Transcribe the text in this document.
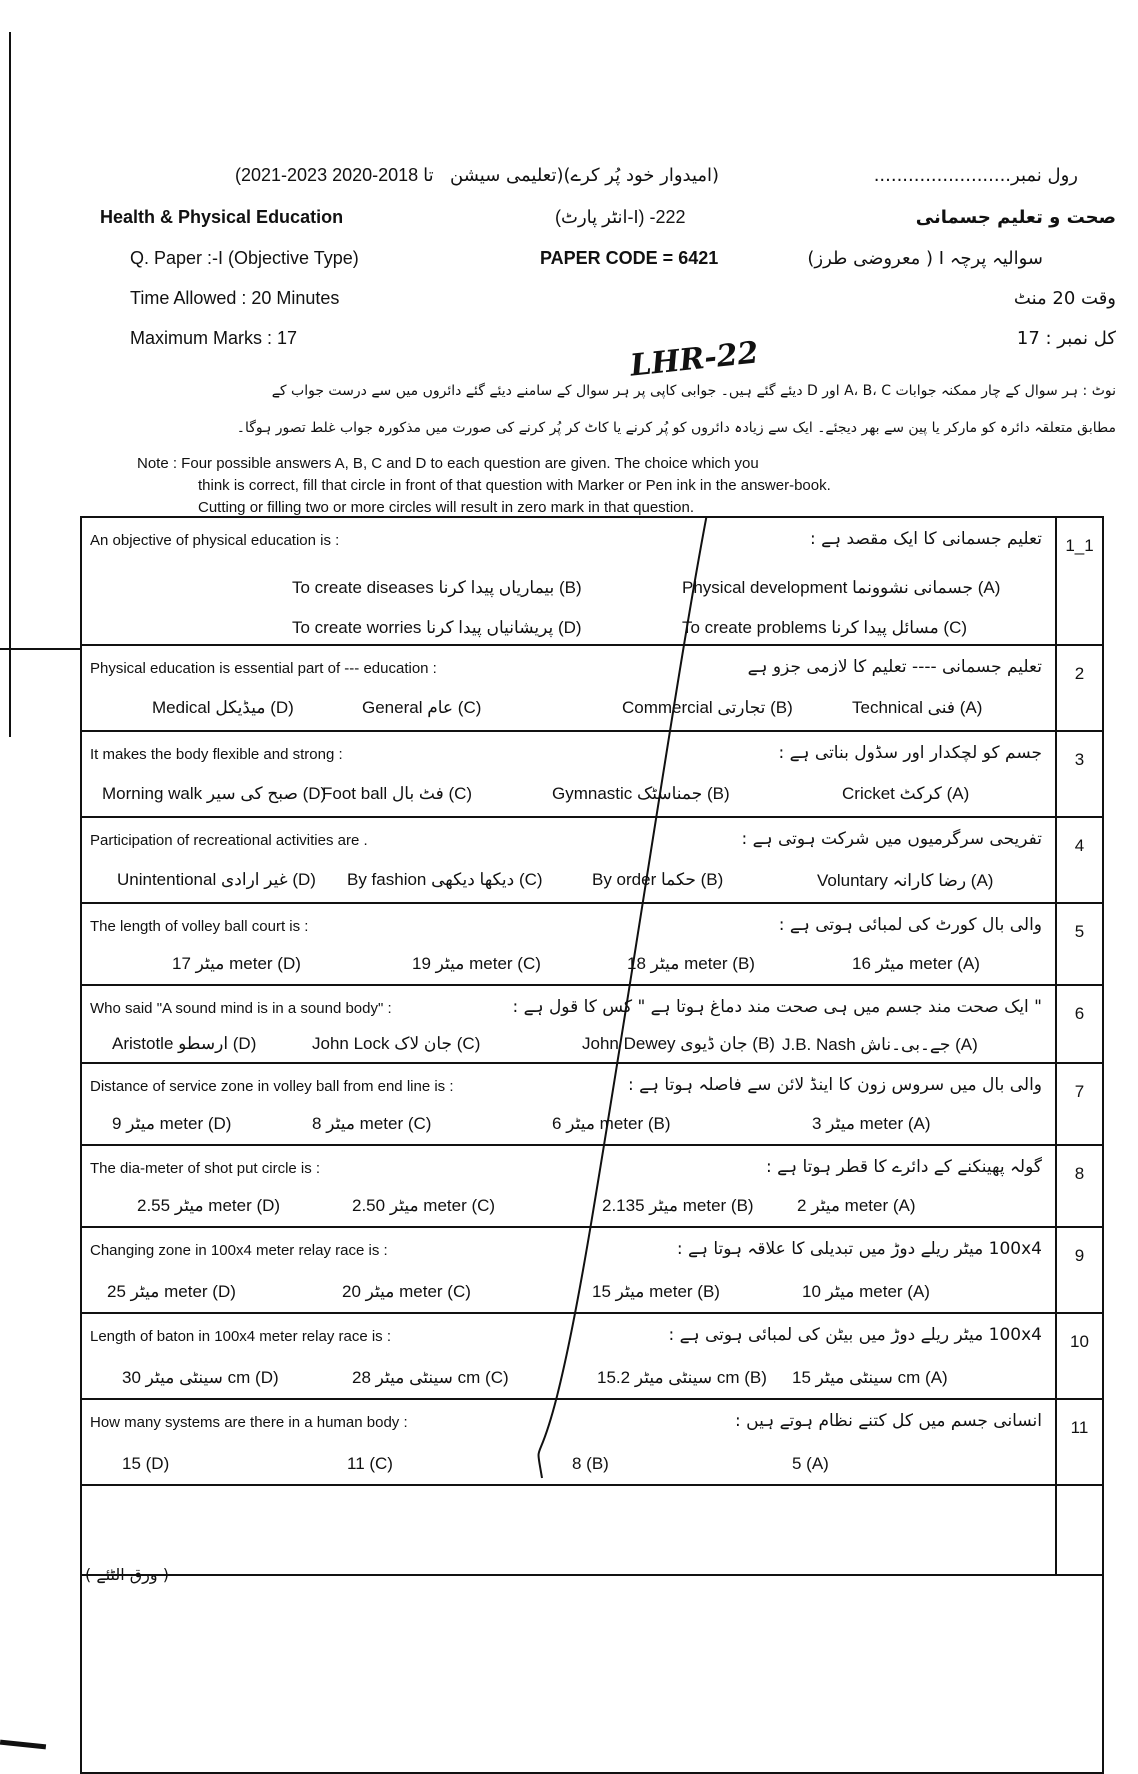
رول نمبر........................
(امیدوار خود پُر کرے)(تعلیمی سیشن
(2021-2023 تا 2018-2020
Health & Physical Education	(انٹر پارٹ-I) -222	صحت و تعلیم جسمانی
Q. Paper :-I (Objective Type)	PAPER CODE = 6421	سوالیہ پرچہ I ( معروضی طرز)
Time Allowed : 20 Minutes	وقت 20 منٹ
Maximum Marks : 17	کل نمبر : 17
LHR-22
نوٹ : ہر سوال کے چار ممکنہ جوابات A، B، C اور D دیئے گئے ہیں۔ جوابی کاپی پر ہر سوال کے سامنے دیئے گئے دائروں میں سے درست جواب کے
مطابق متعلقہ دائرہ کو مارکر یا پین سے بھر دیجئے۔ ایک سے زیادہ دائروں کو پُر کرنے یا کاٹ کر پُر کرنے کی صورت میں مذکورہ جواب غلط تصور ہوگا۔
Note : Four possible answers A, B, C and D to each question are given. The choice which you
think is correct, fill that circle in front of that question with Marker or Pen ink in the answer-book.
Cutting or filling two or more circles will result in zero mark in that question.
1_1
An objective of physical education is :	تعلیم جسمانی کا ایک مقصد ہے :
Physical development جسمانی نشوونما (A)
To create diseases بیماریاں پیدا کرنا (B)
To create problems مسائل پیدا کرنا (C)
To create worries پریشانیاں پیدا کرنا (D)
2
Physical education is essential part of --- education :	تعلیم جسمانی ---- تعلیم کا لازمی جزو ہے
Technical فنی (A)
Commercial تجارتی (B)
General عام (C)
Medical میڈیکل (D)
3
It makes the body flexible and strong :	جسم کو لچکدار اور سڈول بناتی ہے :
Cricket کرکٹ (A)
Gymnastic جمناسٹک (B)
Foot ball فٹ بال (C)
Morning walk صبح کی سیر (D)
4
Participation of recreational activities are .	تفریحی سرگرمیوں میں شرکت ہوتی ہے :
Voluntary رضا کارانہ (A)
By order حکما (B)
By fashion دیکھا دیکھی (C)
Unintentional غیر ارادی (D)
5
The length of volley ball court is :	والی بال کورٹ کی لمبائی ہوتی ہے :
میٹر 16 meter (A)
میٹر 18 meter (B)
میٹر 19 meter (C)
میٹر 17 meter (D)
6
Who said "A sound mind is in a sound body" :	" ایک صحت مند جسم میں ہی صحت مند دماغ ہوتا ہے " کس کا قول ہے :
J.B. Nash جے۔بی۔ناش (A)
John Dewey جان ڈیوی (B)
John Lock جان لاک (C)
Aristotle ارسطو (D)
7
Distance of service zone in volley ball from end line is :	والی بال میں سروس زون کا اینڈ لائن سے فاصلہ ہوتا ہے :
میٹر 3 meter (A)
میٹر 6 meter (B)
میٹر 8 meter (C)
میٹر 9 meter (D)
8
The dia-meter of shot put circle is :	گولہ پھینکنے کے دائرے کا قطر ہوتا ہے :
میٹر 2 meter (A)
میٹر 2.135 meter (B)
میٹر 2.50 meter (C)
میٹر 2.55 meter (D)
9
Changing zone in 100x4 meter relay race is :	100x4 میٹر ریلے دوڑ میں تبدیلی کا علاقہ ہوتا ہے :
میٹر 10 meter (A)
میٹر 15 meter (B)
میٹر 20 meter (C)
میٹر 25 meter (D)
10
Length of baton in 100x4 meter relay race is :	100x4 میٹر ریلے دوڑ میں بیٹن کی لمبائی ہوتی ہے :
سینٹی میٹر 15 cm (A)
سینٹی میٹر 15.2 cm (B)
سینٹی میٹر 28 cm (C)
سینٹی میٹر 30 cm (D)
11
How many systems are there in a human body :	انسانی جسم میں کل کتنے نظام ہوتے ہیں :
5 (A)
8 (B)
11 (C)
15 (D)
( ورق الٹئے )
